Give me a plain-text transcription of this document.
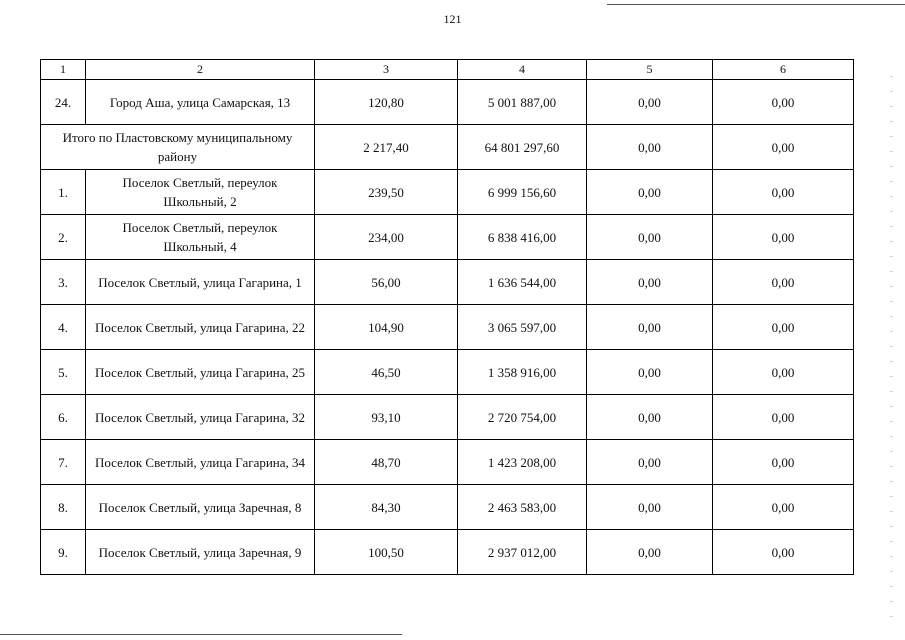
121
1	2	3	4	5	6
24.	Город Аша, улица Самарская, 13	120,80	5 001 887,00	0,00	0,00
Итого по Пластовскому муниципальному району		2 217,40	64 801 297,60	0,00	0,00
1.	Поселок Светлый, переулок Школьный, 2	239,50	6 999 156,60	0,00	0,00
2.	Поселок Светлый, переулок Школьный, 4	234,00	6 838 416,00	0,00	0,00
3.	Поселок Светлый, улица Гагарина, 1	56,00	1 636 544,00	0,00	0,00
4.	Поселок Светлый, улица Гагарина, 22	104,90	3 065 597,00	0,00	0,00
5.	Поселок Светлый, улица Гагарина, 25	46,50	1 358 916,00	0,00	0,00
6.	Поселок Светлый, улица Гагарина, 32	93,10	2 720 754,00	0,00	0,00
7.	Поселок Светлый, улица Гагарина, 34	48,70	1 423 208,00	0,00	0,00
8.	Поселок Светлый, улица Заречная, 8	84,30	2 463 583,00	0,00	0,00
9.	Поселок Светлый, улица Заречная, 9	100,50	2 937 012,00	0,00	0,00
